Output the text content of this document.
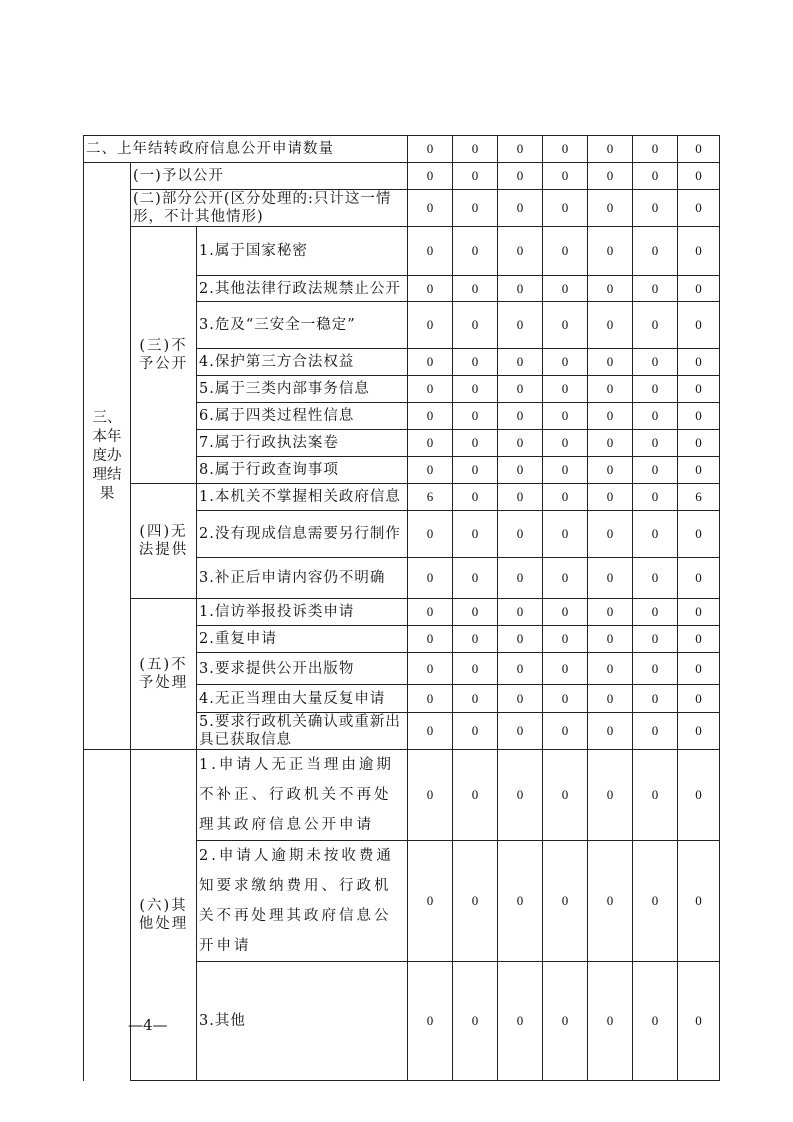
二、上年结转政府信息公开申请数量			0	0	0	0	0	0	0
三、本年度办理结果	(一)予以公开		0	0	0	0	0	0	0
	(二)部分公开(区分处理的:只计这一情形，不计其他情形)		0	0	0	0	0	0	0
	(三)不予公开	1.属于国家秘密	0	0	0	0	0	0	0
		2.其他法律行政法规禁止公开	0	0	0	0	0	0	0
		3.危及“三安全一稳定”	0	0	0	0	0	0	0
		4.保护第三方合法权益	0	0	0	0	0	0	0
		5.属于三类内部事务信息	0	0	0	0	0	0	0
		6.属于四类过程性信息	0	0	0	0	0	0	0
		7.属于行政执法案卷	0	0	0	0	0	0	0
		8.属于行政查询事项	0	0	0	0	0	0	0
	(四)无法提供	1.本机关不掌握相关政府信息	6	0	0	0	0	0	6
		2.没有现成信息需要另行制作	0	0	0	0	0	0	0
		3.补正后申请内容仍不明确	0	0	0	0	0	0	0
	(五)不予处理	1.信访举报投诉类申请	0	0	0	0	0	0	0
		2.重复申请	0	0	0	0	0	0	0
		3.要求提供公开出版物	0	0	0	0	0	0	0
		4.无正当理由大量反复申请	0	0	0	0	0	0	0
		5.要求行政机关确认或重新出具已获取信息	0	0	0	0	0	0	0
	(六)其他处理	1.申请人无正当理由逾期不补正、行政机关不再处理其政府信息公开申请	0	0	0	0	0	0	0
		2.申请人逾期未按收费通知要求缴纳费用、行政机关不再处理其政府信息公开申请	0	0	0	0	0	0	0
		3.其他	0	0	0	0	0	0	0
—4—
